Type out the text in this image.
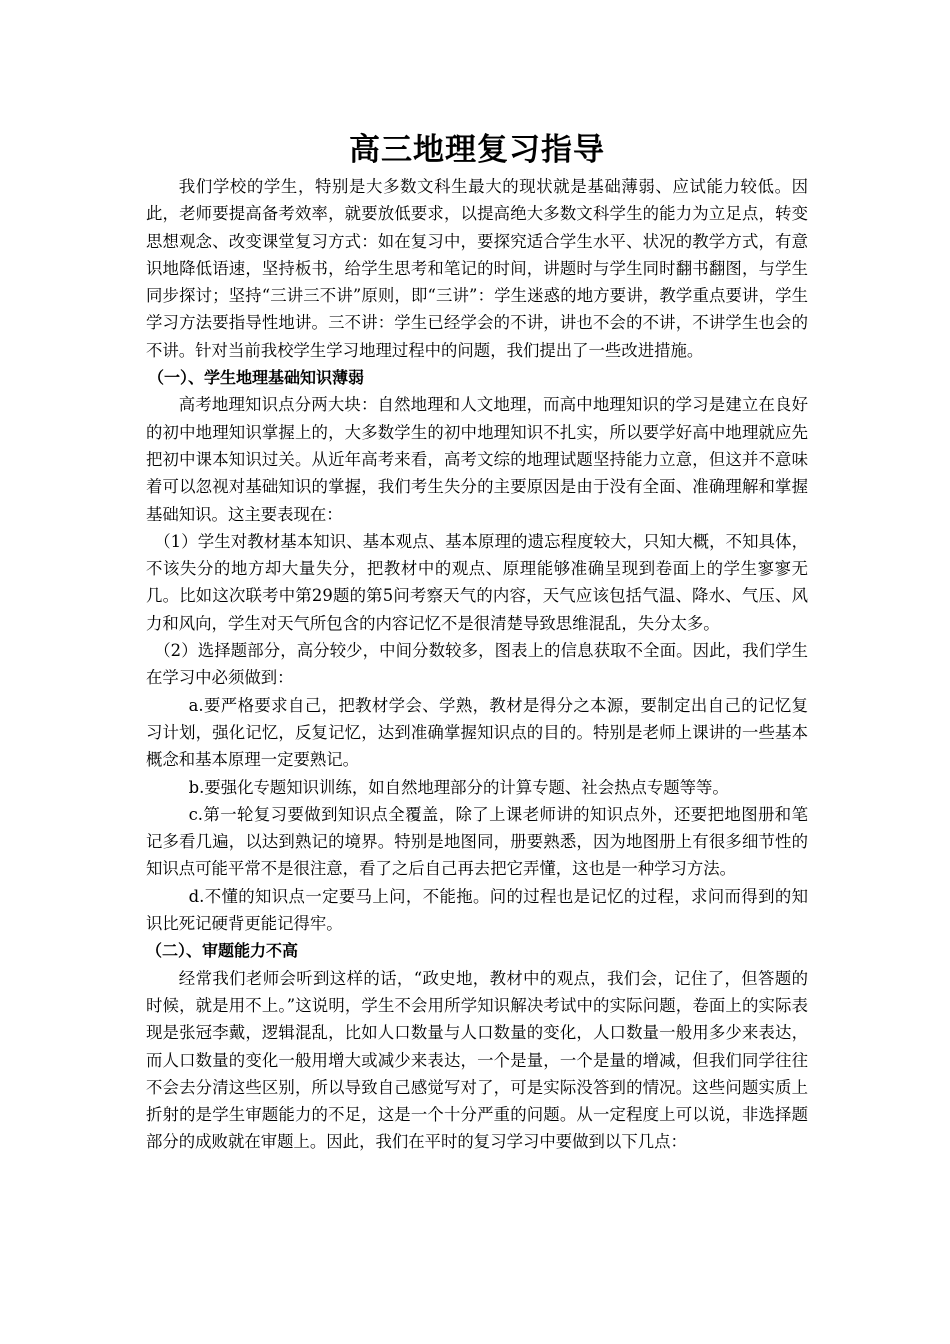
高三地理复习指导

我们学校的学生，特别是大多数文科生最大的现状就是基础薄弱、应试能力较低。因此，老师要提高备考效率，就要放低要求，以提高绝大多数文科学生的能力为立足点，转变思想观念、改变课堂复习方式：如在复习中，要探究适合学生水平、状况的教学方式，有意识地降低语速，坚持板书，给学生思考和笔记的时间，讲题时与学生同时翻书翻图，与学生同步探讨；坚持“三讲三不讲”原则，即“三讲”：学生迷惑的地方要讲，教学重点要讲，学生学习方法要指导性地讲。三不讲：学生已经学会的不讲，讲也不会的不讲，不讲学生也会的不讲。针对当前我校学生学习地理过程中的问题，我们提出了一些改进措施。

（一）、学生地理基础知识薄弱

高考地理知识点分两大块：自然地理和人文地理，而高中地理知识的学习是建立在良好的初中地理知识掌握上的，大多数学生的初中地理知识不扎实，所以要学好高中地理就应先把初中课本知识过关。从近年高考来看，高考文综的地理试题坚持能力立意，但这并不意味着可以忽视对基础知识的掌握，我们考生失分的主要原因是由于没有全面、准确理解和掌握基础知识。这主要表现在：

（1）学生对教材基本知识、基本观点、基本原理的遗忘程度较大，只知大概，不知具体，不该失分的地方却大量失分，把教材中的观点、原理能够准确呈现到卷面上的学生寥寥无几。比如这次联考中第29题的第5问考察天气的内容，天气应该包括气温、降水、气压、风力和风向，学生对天气所包含的内容记忆不是很清楚导致思维混乱，失分太多。

（2）选择题部分，高分较少，中间分数较多，图表上的信息获取不全面。因此，我们学生在学习中必须做到：

a.要严格要求自己，把教材学会、学熟，教材是得分之本源，要制定出自己的记忆复习计划，强化记忆，反复记忆，达到准确掌握知识点的目的。特别是老师上课讲的一些基本概念和基本原理一定要熟记。

b.要强化专题知识训练，如自然地理部分的计算专题、社会热点专题等等。

c.第一轮复习要做到知识点全覆盖，除了上课老师讲的知识点外，还要把地图册和笔记多看几遍，以达到熟记的境界。特别是地图同，册要熟悉，因为地图册上有很多细节性的知识点可能平常不是很注意，看了之后自己再去把它弄懂，这也是一种学习方法。

d.不懂的知识点一定要马上问，不能拖。问的过程也是记忆的过程，求问而得到的知识比死记硬背更能记得牢。

（二）、审题能力不高

经常我们老师会听到这样的话，“政史地，教材中的观点，我们会，记住了，但答题的时候，就是用不上。”这说明，学生不会用所学知识解决考试中的实际问题，卷面上的实际表现是张冠李戴，逻辑混乱，比如人口数量与人口数量的变化，人口数量一般用多少来表达，而人口数量的变化一般用增大或减少来表达，一个是量，一个是量的增减，但我们同学往往不会去分清这些区别，所以导致自己感觉写对了，可是实际没答到的情况。这些问题实质上折射的是学生审题能力的不足，这是一个十分严重的问题。从一定程度上可以说，非选择题部分的成败就在审题上。因此，我们在平时的复习学习中要做到以下几点：
